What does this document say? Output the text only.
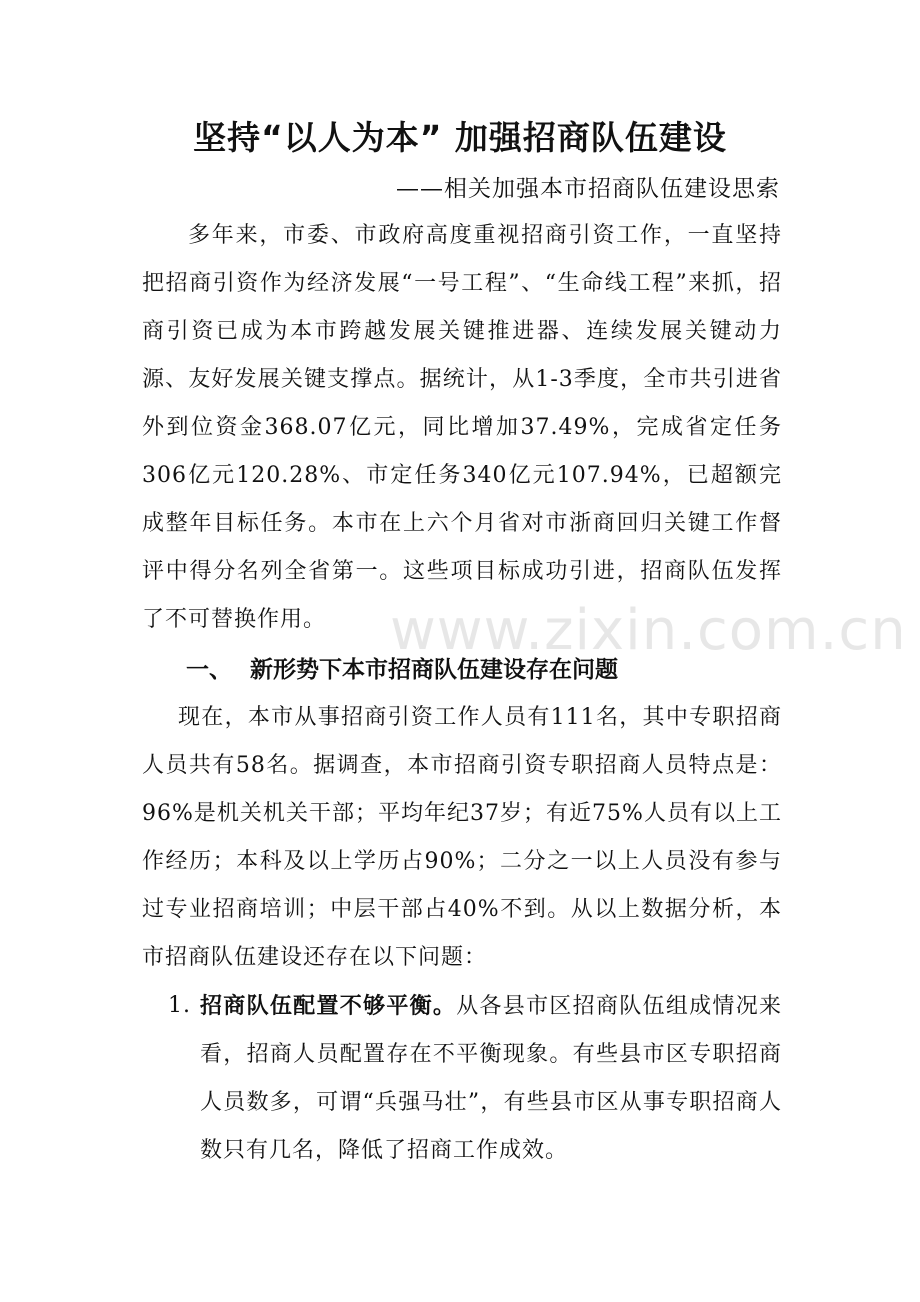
坚持“以人为本” 加强招商队伍建设
——相关加强本市招商队伍建设思索

多年来，市委、市政府高度重视招商引资工作，一直坚持把招商引资作为经济发展“一号工程”、“生命线工程”来抓，招商引资已成为本市跨越发展关键推进器、连续发展关键动力源、友好发展关键支撑点。据统计，从1-3季度，全市共引进省外到位资金368.07亿元，同比增加37.49%，完成省定任务306亿元120.28%、市定任务340亿元107.94%，已超额完成整年目标任务。本市在上六个月省对市浙商回归关键工作督评中得分名列全省第一。这些项目标成功引进，招商队伍发挥了不可替换作用。

一、 新形势下本市招商队伍建设存在问题

现在，本市从事招商引资工作人员有111名，其中专职招商人员共有58名。据调查，本市招商引资专职招商人员特点是：96%是机关机关干部；平均年纪37岁；有近75%人员有以上工作经历；本科及以上学历占90%；二分之一以上人员没有参与过专业招商培训；中层干部占40%不到。从以上数据分析，本市招商队伍建设还存在以下问题：

1. 招商队伍配置不够平衡。从各县市区招商队伍组成情况来看，招商人员配置存在不平衡现象。有些县市区专职招商人员数多，可谓“兵强马壮”，有些县市区从事专职招商人数只有几名，降低了招商工作成效。
www.zixin.com.cn
